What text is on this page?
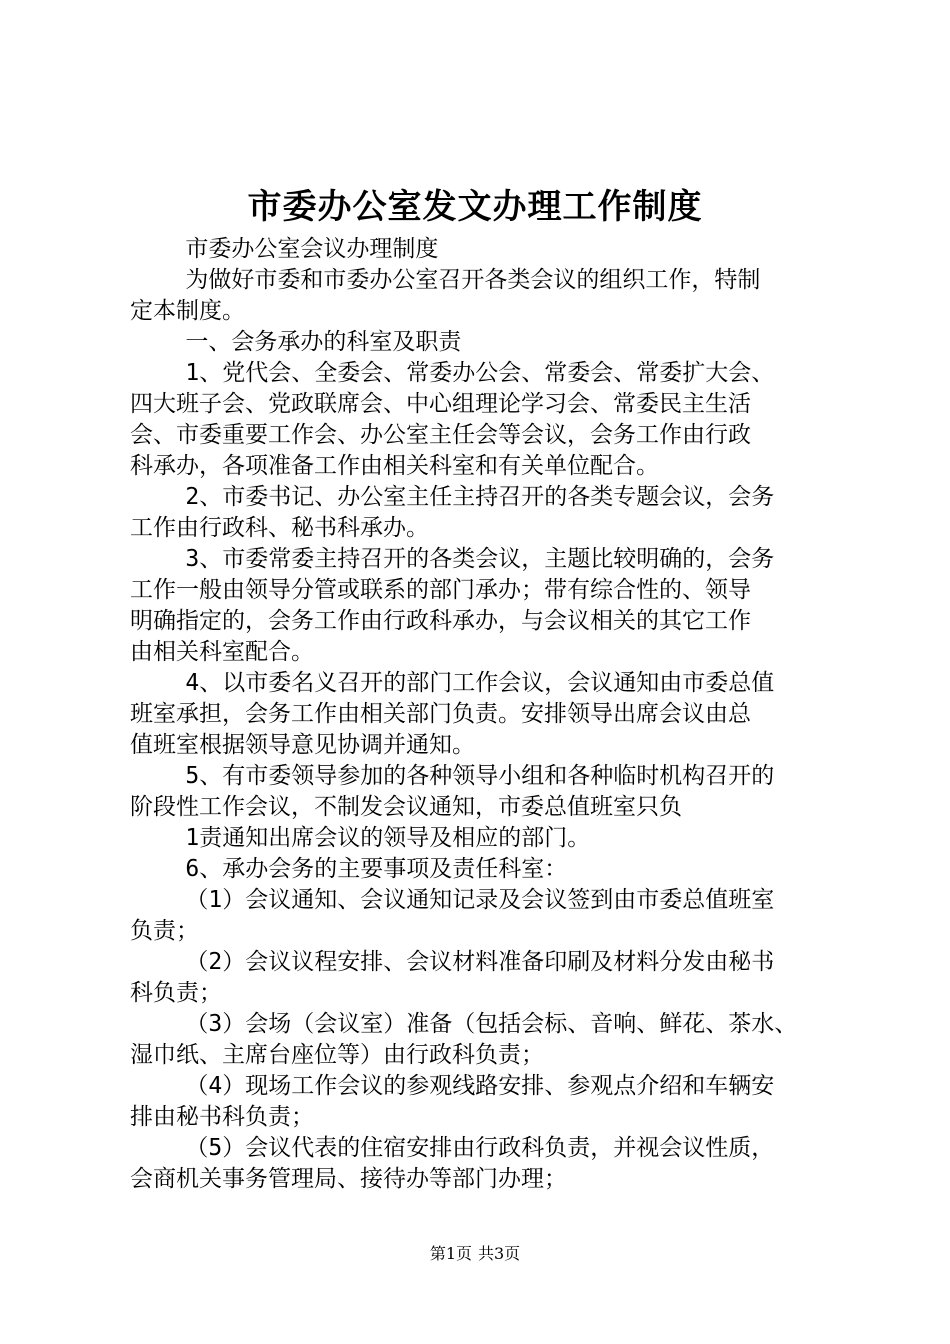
市委办公室发文办理工作制度

市委办公室会议办理制度

为做好市委和市委办公室召开各类会议的组织工作，特制

定本制度。

一、会务承办的科室及职责

1、党代会、全委会、常委办公会、常委会、常委扩大会、

四大班子会、党政联席会、中心组理论学习会、常委民主生活

会、市委重要工作会、办公室主任会等会议，会务工作由行政

科承办，各项准备工作由相关科室和有关单位配合。

2、市委书记、办公室主任主持召开的各类专题会议，会务

工作由行政科、秘书科承办。

3、市委常委主持召开的各类会议，主题比较明确的，会务

工作一般由领导分管或联系的部门承办；带有综合性的、领导

明确指定的，会务工作由行政科承办，与会议相关的其它工作

由相关科室配合。

4、以市委名义召开的部门工作会议，会议通知由市委总值

班室承担，会务工作由相关部门负责。安排领导出席会议由总

值班室根据领导意见协调并通知。

5、有市委领导参加的各种领导小组和各种临时机构召开的

阶段性工作会议，不制发会议通知，市委总值班室只负

1责通知出席会议的领导及相应的部门。

6、承办会务的主要事项及责任科室：

（1）会议通知、会议通知记录及会议签到由市委总值班室

负责；

（2）会议议程安排、会议材料准备印刷及材料分发由秘书

科负责；

（3）会场（会议室）准备（包括会标、音响、鲜花、茶水、

湿巾纸、主席台座位等）由行政科负责；

（4）现场工作会议的参观线路安排、参观点介绍和车辆安

排由秘书科负责；

（5）会议代表的住宿安排由行政科负责，并视会议性质，

会商机关事务管理局、接待办等部门办理；

第1页 共3页
